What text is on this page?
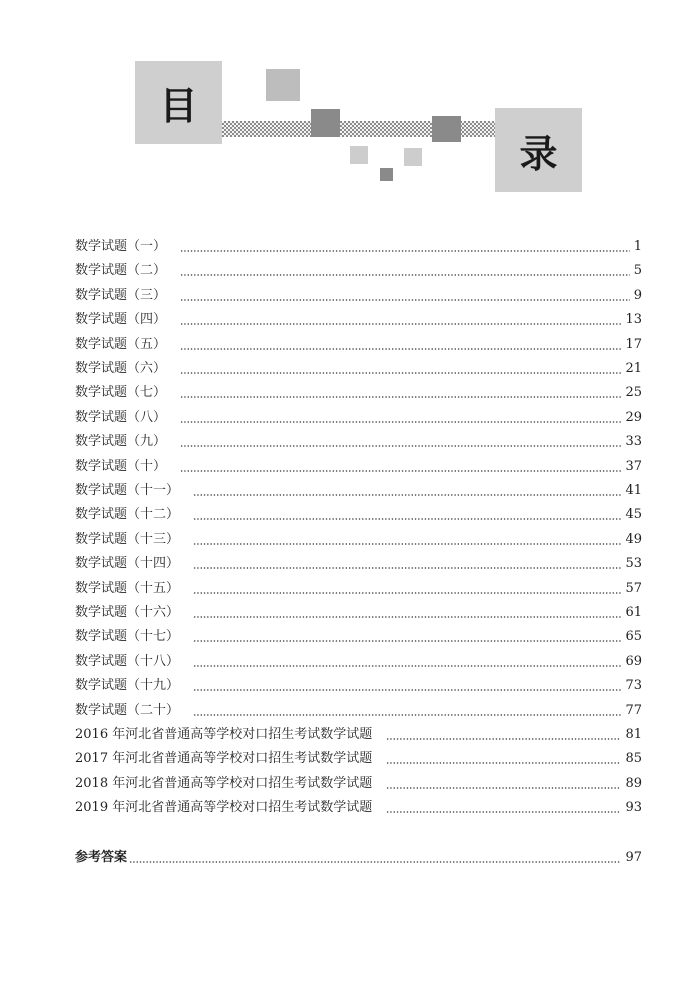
目
录
数学试题（一）	1
数学试题（二）	5
数学试题（三）	9
数学试题（四）	13
数学试题（五）	17
数学试题（六）	21
数学试题（七）	25
数学试题（八）	29
数学试题（九）	33
数学试题（十）	37
数学试题（十一）	41
数学试题（十二）	45
数学试题（十三）	49
数学试题（十四）	53
数学试题（十五）	57
数学试题（十六）	61
数学试题（十七）	65
数学试题（十八）	69
数学试题（十九）	73
数学试题（二十）	77
2016 年河北省普通高等学校对口招生考试数学试题	81
2017 年河北省普通高等学校对口招生考试数学试题	85
2018 年河北省普通高等学校对口招生考试数学试题	89
2019 年河北省普通高等学校对口招生考试数学试题	93
参考答案	97
